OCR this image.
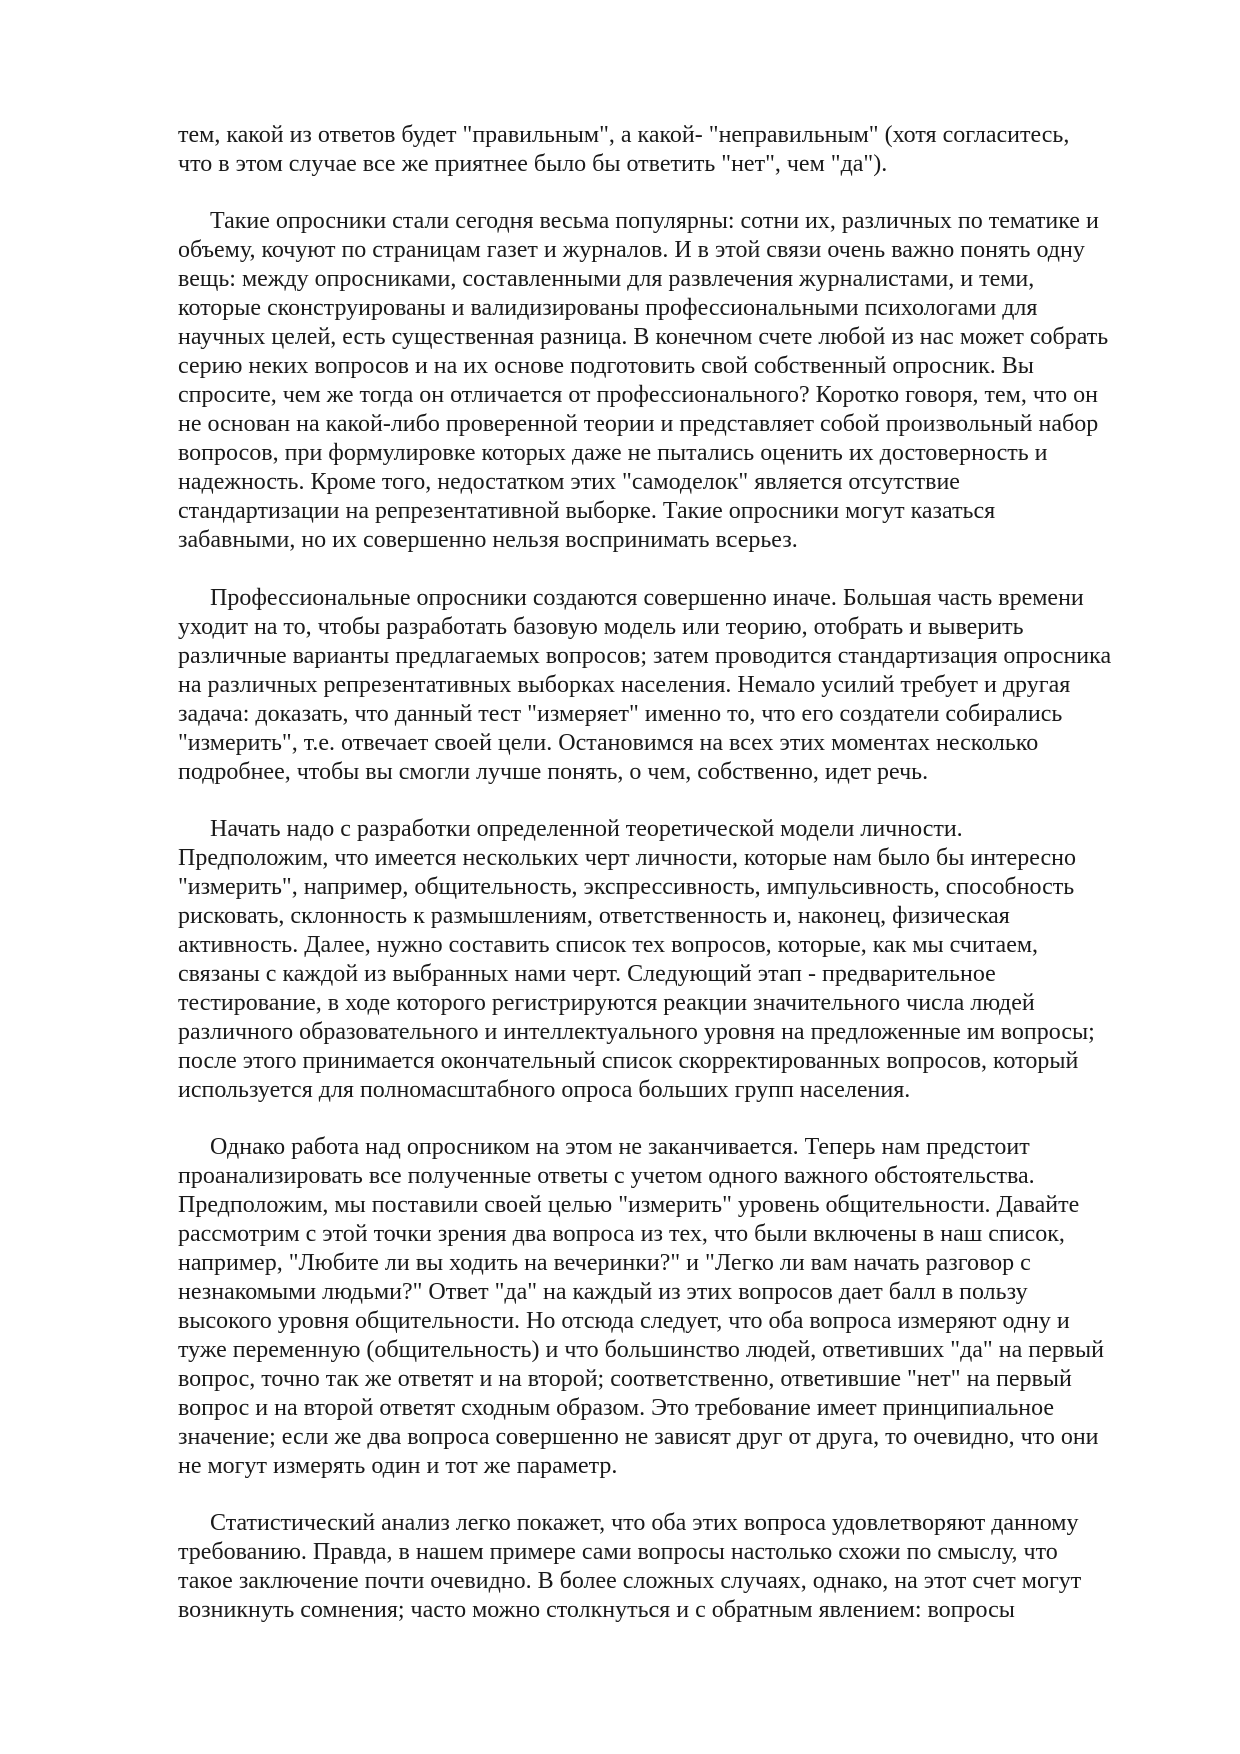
тем, какой из ответов будет "правильным", а какой- "неправильным" (хотя согласитесь,
что в этом случае все же приятнее было бы ответить "нет", чем "да").
Такие опросники стали сегодня весьма популярны: сотни их, различных по тематике и
объему, кочуют по страницам газет и журналов. И в этой связи очень важно понять одну
вещь: между опросниками, составленными для развлечения журналистами, и теми,
которые сконструированы и валидизированы профессиональными психологами для
научных целей, есть существенная разница. В конечном счете любой из нас может собрать
серию неких вопросов и на их основе подготовить свой собственный опросник. Вы
спросите, чем же тогда он отличается от профессионального? Коротко говоря, тем, что он
не основан на какой-либо проверенной теории и представляет собой произвольный набор
вопросов, при формулировке которых даже не пытались оценить их достоверность и
надежность. Кроме того, недостатком этих "самоделок" является отсутствие
стандартизации на репрезентативной выборке. Такие опросники могут казаться
забавными, но их совершенно нельзя воспринимать всерьез.
Профессиональные опросники создаются совершенно иначе. Большая часть времени
уходит на то, чтобы разработать базовую модель или теорию, отобрать и выверить
различные варианты предлагаемых вопросов; затем проводится стандартизация опросника
на различных репрезентативных выборках населения. Немало усилий требует и другая
задача: доказать, что данный тест "измеряет" именно то, что его создатели собирались
"измерить", т.е. отвечает своей цели. Остановимся на всех этих моментах несколько
подробнее, чтобы вы смогли лучше понять, о чем, собственно, идет речь.
Начать надо с разработки определенной теоретической модели личности.
Предположим, что имеется нескольких черт личности, которые нам было бы интересно
"измерить", например, общительность, экспрессивность, импульсивность, способность
рисковать, склонность к размышлениям, ответственность и, наконец, физическая
активность. Далее, нужно составить список тех вопросов, которые, как мы считаем,
связаны с каждой из выбранных нами черт. Следующий этап - предварительное
тестирование, в ходе которого регистрируются реакции значительного числа людей
различного образовательного и интеллектуального уровня на предложенные им вопросы;
после этого принимается окончательный список скорректированных вопросов, который
используется для полномасштабного опроса больших групп населения.
Однако работа над опросником на этом не заканчивается. Теперь нам предстоит
проанализировать все полученные ответы с учетом одного важного обстоятельства.
Предположим, мы поставили своей целью "измерить" уровень общительности. Давайте
рассмотрим с этой точки зрения два вопроса из тех, что были включены в наш список,
например, "Любите ли вы ходить на вечеринки?" и "Легко ли вам начать разговор с
незнакомыми людьми?" Ответ "да" на каждый из этих вопросов дает балл в пользу
высокого уровня общительности. Но отсюда следует, что оба вопроса измеряют одну и
туже переменную (общительность) и что большинство людей, ответивших "да" на первый
вопрос, точно так же ответят и на второй; соответственно, ответившие "нет" на первый
вопрос и на второй ответят сходным образом. Это требование имеет принципиальное
значение; если же два вопроса совершенно не зависят друг от друга, то очевидно, что они
не могут измерять один и тот же параметр.
Статистический анализ легко покажет, что оба этих вопроса удовлетворяют данному
требованию. Правда, в нашем примере сами вопросы настолько схожи по смыслу, что
такое заключение почти очевидно. В более сложных случаях, однако, на этот счет могут
возникнуть сомнения; часто можно столкнуться и с обратным явлением: вопросы
